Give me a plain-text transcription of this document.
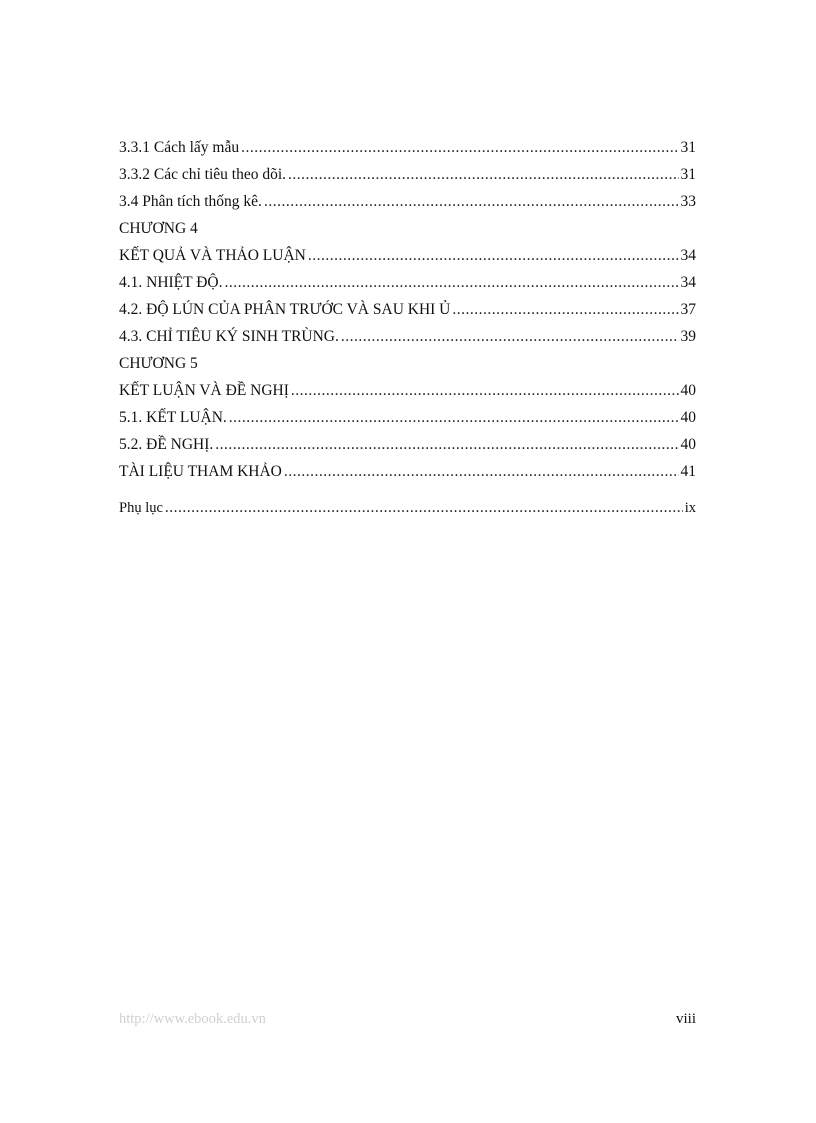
3.3.1 Cách lấy mẫu .....	31
3.3.2 Các chỉ tiêu theo dõi. .....	31
3.4 Phân tích thống kê. .....	33
CHƯƠNG 4
KẾT QUẢ VÀ THẢO LUẬN .....	34
4.1. NHIỆT ĐỘ. .....	34
4.2. ĐỘ LÚN CỦA PHÂN TRƯỚC VÀ SAU KHI Ủ .....	37
4.3. CHỈ TIÊU KÝ SINH TRÙNG. .....	39
CHƯƠNG 5
KẾT LUẬN VÀ ĐỀ NGHỊ .....	40
5.1. KẾT LUẬN. .....	40
5.2. ĐỀ NGHỊ. .....	40
TÀI LIỆU THAM KHẢO .....	41
Phụ lục .....	ix
http://www.ebook.edu.vn	viii
